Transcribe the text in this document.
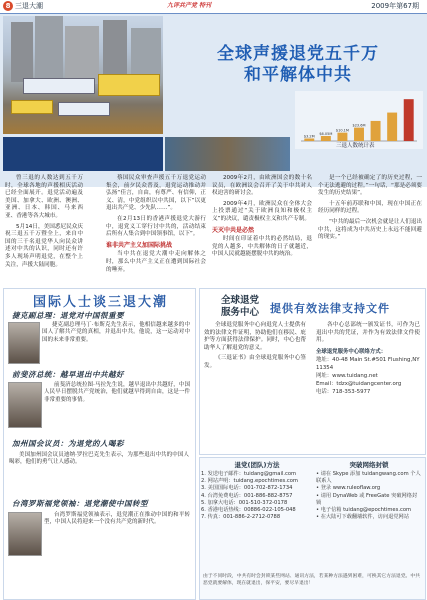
8 三退大潮	九评共产党 特刊	2009年第67期
全球声援退党五千万
和平解体中共
$3.2M
$6.05M
$10.1M
$23.6M
三退人数统计表

曾三退的人数达到五千万时，全球各地的声援相庆活动已经全面展开。退党活动遍及美国、加拿大、欧洲、澳洲、亚洲、日本、韩国、马来西亚、香港等各大城市。

5月14日，美国悉尼民众庆祝三退五千万暨全上，来自中国的三千名退党华人向民众讲述对中共的认识，同时还有许多人现场声明退党，在整个上关注，声援大陆同胞。

蔡国民众审查声援五千万退党运动集会，前夕民众普及，退党运动推动并弘扬“佳言，自由，有尊严、有信仰，正义、清，中党组织以中共国，以下”以更退出共产党、少先队……”。

在2月13日的香港声援退党大游行中，退党义工穿行讨中共的，活动结束后所有人集合到中国领事馆，以下”。

谁非共产主义加国际挑战

当中共在退党大潮中走向解体之时，那么中共产主义正在遭到国际社会的唾弃。

2009年2月，由欧洲国会的数十名议员，在欧洲议会召开了关于中共对人权迫害的研讨会。

2009年4月，欧洲民众在全体大会上投票通过“关于欧洲良知和极权主义”的决议，谴责极权主义和共产专制。

天灭中共是必然

时间在印证着中共的必然结局，退党的人越多，中共解体的日子就越近，中国人民就越能摆脱中共的统治。

是一个已经被确定了的历史过程，一个无法逃避的过程。”一句话，“那是必须要发生的历史结果”。

十五年前苏联和中国，现在中国正在经历同样的过程。

“中共的最后一次机会就是让人们退出中共，这将成为中共历史上永远不能回避的现实。”

国际人士谈三退大潮
捷克副总理：退党对中国很重要

捷克副总理马丁·布斯克先生表示，他相信越来越多的中国人了解共产党的真相，并退出中共。他说，这一运动对中国的未来非常重要。

前斐济总统：越早退出中共越好

前斐济总统拉图·马拉先生说，越早退出中共越好，中国人民早日摆脱共产党统治，他们就越早得到自由，这是一件非常重要的事情。

加州国会议员：为退党的人喝彩

美国加州国会议员迪纳·罗拉巴克先生表示，为那些退出中共的中国人喝彩，他们的勇气让人感动。

台湾罗斯福党领袖：退党潮使中国转型

台湾罗斯福党领袖表示，退党潮正在推动中国的和平转型，中国人民将迎来一个没有共产党的新时代。

全球退党
服务中心	提供有效法律支持文件

全球退党服务中心向退党人士提供有效的法律文件证明，协助他们在移民、庇护等方面获得法律保护。同时，中心也帮助华人了解退党的意义。

《三退证书》由全球退党服务中心签发。

各中心总部统一颁发证书，可作为已退出中共的凭证，并作为有效法律文件使用。

全球退党服务中心联络方式：
地址：40-48 Main St.#501 Flushing,NY 11354
网址：www.tuidang.net
Email：tdzx@tuidangcenter.org
电话：718-353-5977
退党(团队)方法
1. 发送电子邮件：tuidang@gmail.com
2. 网站声明：tuidang.epochtimes.com
3. 美国国际电话：001-702-872-1734
4. 台湾免费电话：001-886-882-8757
5. 加拿大电话：001-510-372-0178
6. 香港电话热线：00886-022-105-048
7. 传真：001-886-2-2712-0788
突破网络封锁
• 请在 Skype 添加 tuidangwang.com 个人联系人
• 登录 www.ruleoflaw.org
• 请用 DynaWeb 或 FreeGate 突破网络封锁
• 电子信箱 tuidang@epochtimes.com
• 在大陆可下载翻墙软件，访问退党网站
由于不同时段，中共有时会封锁某些网站、通讯方法，若某种方法遇到困难，可换其它方法退党。中共恶党就要解体，现在就退出，保平安，要尽早退出！
